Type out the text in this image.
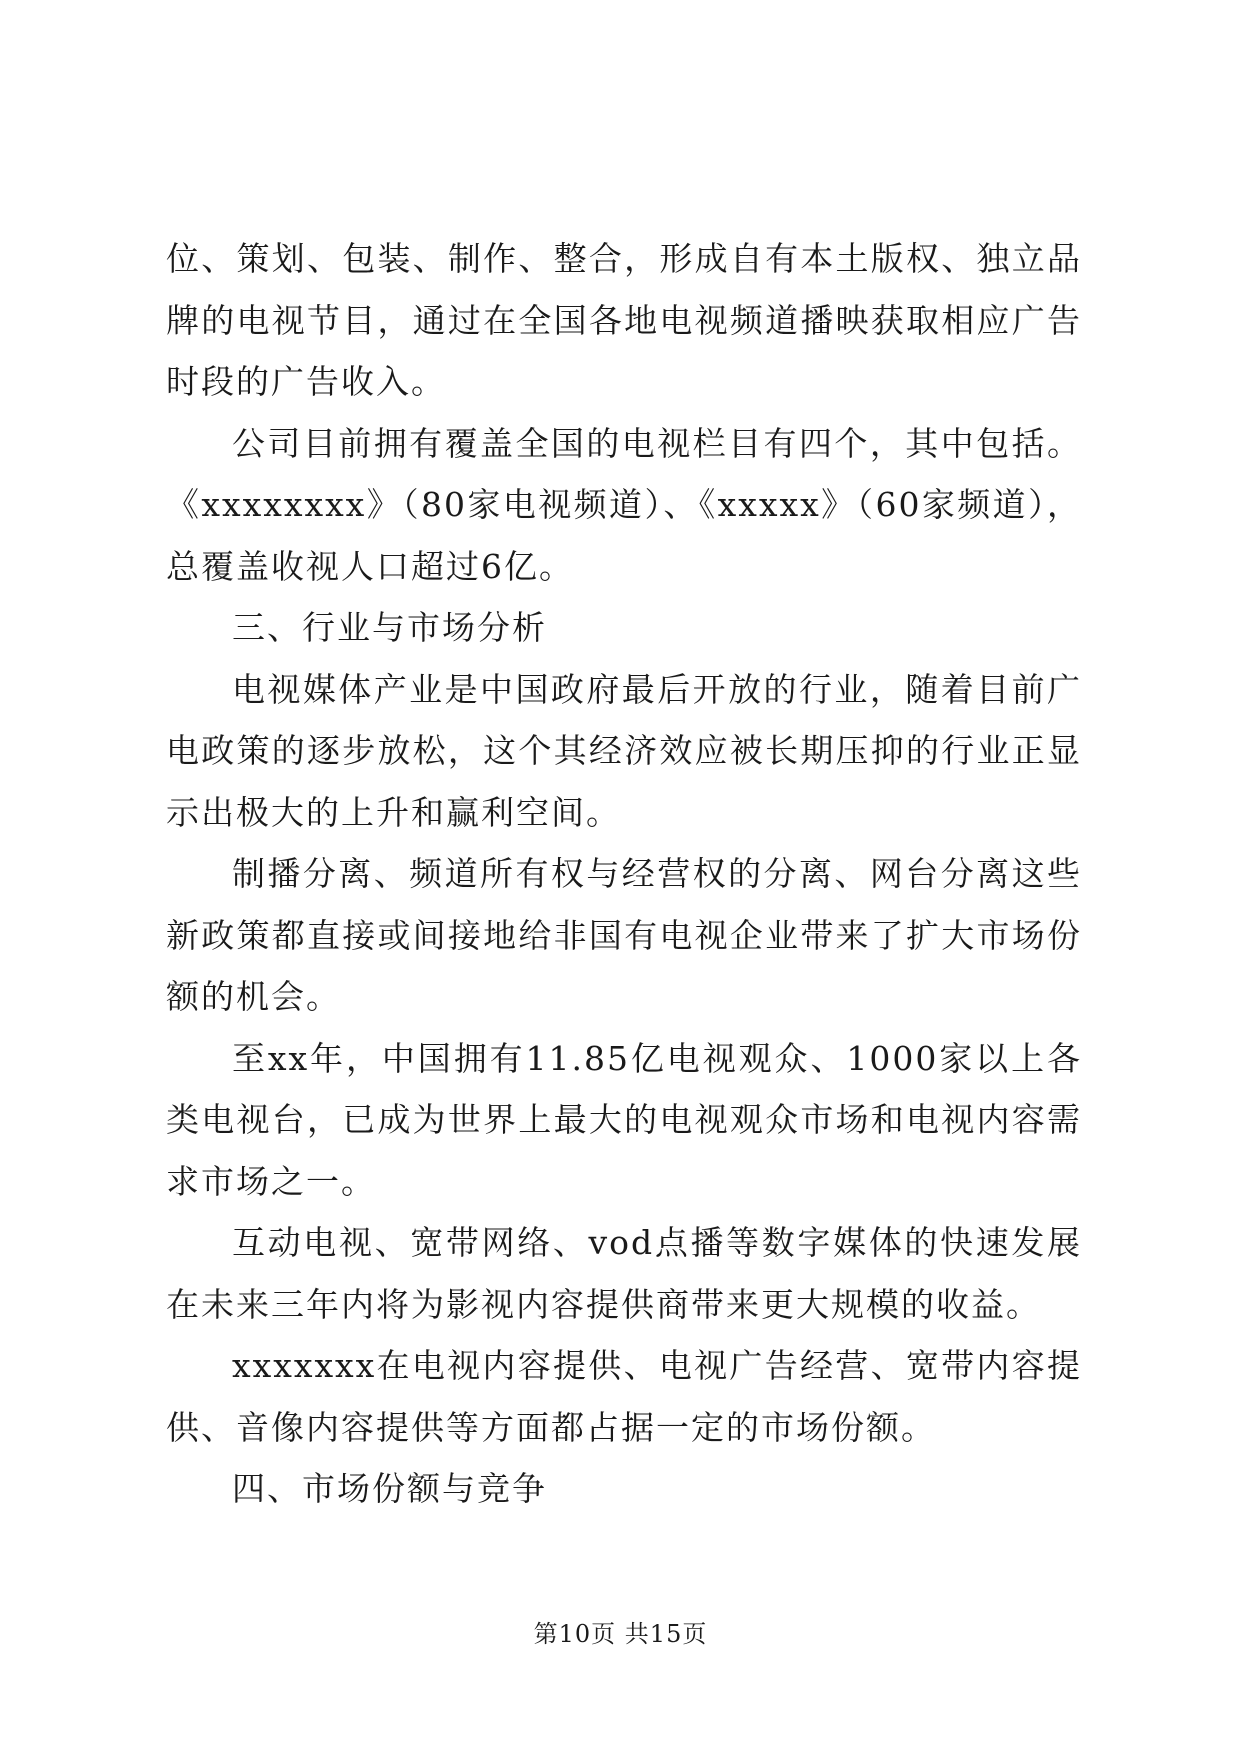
位、策划、包装、制作、整合，形成自有本土版权、独立品牌的电视节目，通过在全国各地电视频道播映获取相应广告时段的广告收入。

公司目前拥有覆盖全国的电视栏目有四个，其中包括。《xxxxxxxx》（80家电视频道）、《xxxxx》（60家频道），总覆盖收视人口超过6亿。

三、行业与市场分析

电视媒体产业是中国政府最后开放的行业，随着目前广电政策的逐步放松，这个其经济效应被长期压抑的行业正显示出极大的上升和赢利空间。

制播分离、频道所有权与经营权的分离、网台分离这些新政策都直接或间接地给非国有电视企业带来了扩大市场份额的机会。

至xx年，中国拥有11.85亿电视观众、1000家以上各类电视台，已成为世界上最大的电视观众市场和电视内容需求市场之一。

互动电视、宽带网络、vod点播等数字媒体的快速发展在未来三年内将为影视内容提供商带来更大规模的收益。

xxxxxxx在电视内容提供、电视广告经营、宽带内容提供、音像内容提供等方面都占据一定的市场份额。

四、市场份额与竞争

第10页 共15页
